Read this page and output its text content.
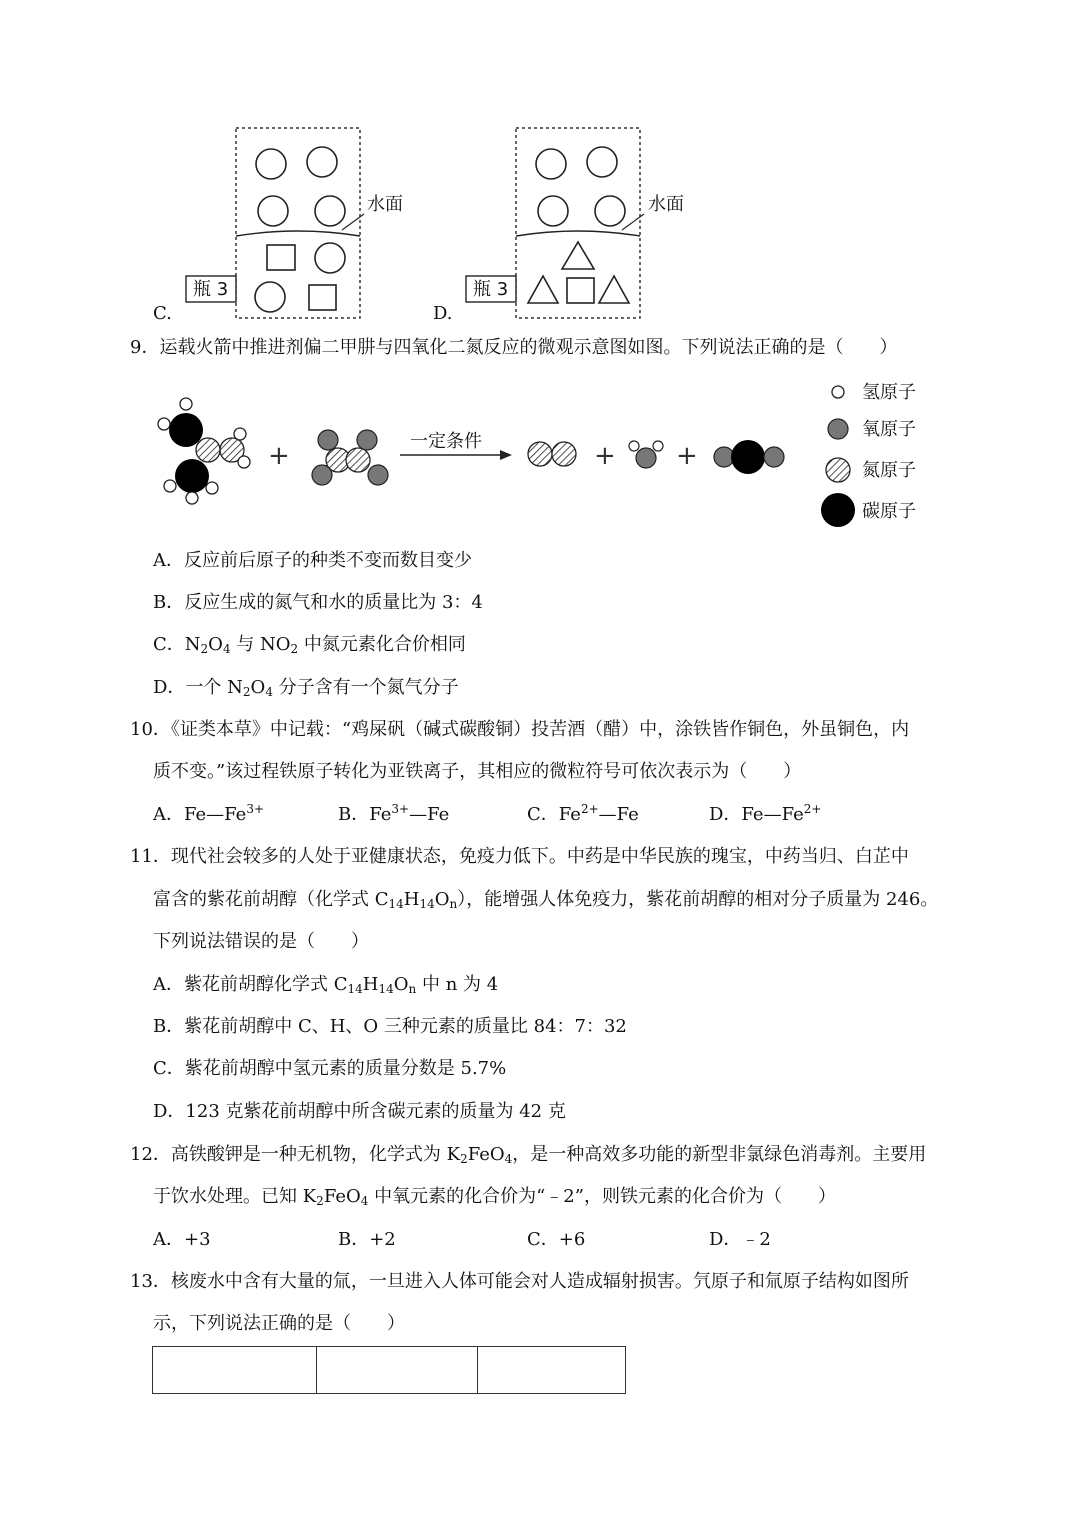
C.	D.
水面	水面
瓶 3	瓶 3
9．运载火箭中推进剂偏二甲肼与四氧化二氮反应的微观示意图如图。下列说法正确的是（　　）
+	+ +
一定条件
氢原子
氧原子
氮原子
碳原子
A．反应前后原子的种类不变而数目变少
B．反应生成的氮气和水的质量比为 3：4
C．$N_2O_4$ 与 $NO_2$ 中氮元素化合价相同
D．一个 $N_2O_4$ 分子含有一个氮气分子
10．《证类本草》中记载：“鸡屎矾（碱式碳酸铜）投苦酒（醋）中，涂铁皆作铜色，外虽铜色，内
质不变。”该过程铁原子转化为亚铁离子，其相应的微粒符号可依次表示为（　　）
A．$Fe—Fe^{3+}$	B．$Fe^{3+}—Fe$	C．$Fe^{2+}—Fe$	D．$Fe—Fe^{2+}$
11．现代社会较多的人处于亚健康状态，免疫力低下。中药是中华民族的瑰宝，中药当归、白芷中
富含的紫花前胡醇（化学式 $C_{14}H_{14}O_n$），能增强人体免疫力，紫花前胡醇的相对分子质量为 246。
下列说法错误的是（　　）
A．紫花前胡醇化学式 $C_{14}H_{14}O_n$ 中 n 为 4
B．紫花前胡醇中 C、H、O 三种元素的质量比 84：7：32
C．紫花前胡醇中氢元素的质量分数是 5.7%
D．123 克紫花前胡醇中所含碳元素的质量为 42 克
12．高铁酸钾是一种无机物，化学式为 $K_2FeO_4$，是一种高效多功能的新型非氯绿色消毒剂。主要用
于饮水处理。已知 $K_2FeO_4$ 中氧元素的化合价为“﹣2”，则铁元素的化合价为（　　）
A．+3	B．+2	C．+6	D．﹣2
13．核废水中含有大量的氚，一旦进入人体可能会对人造成辐射损害。氕原子和氚原子结构如图所
示，下列说法正确的是（　　）
